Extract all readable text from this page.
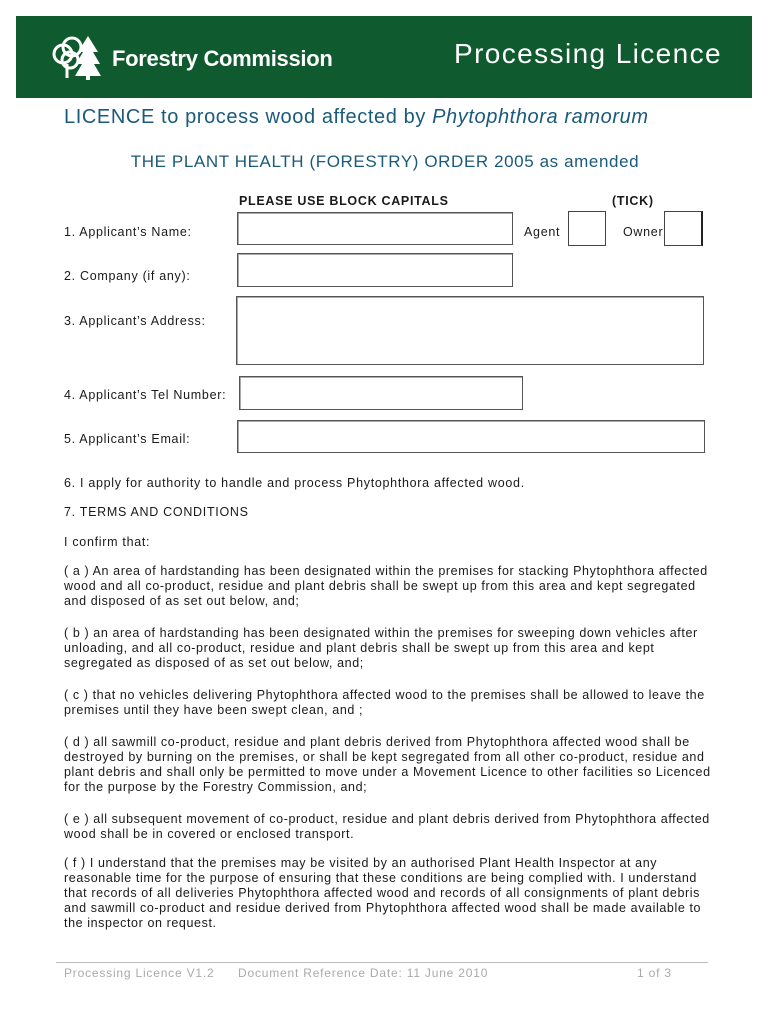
Forestry Commission	Processing Licence
LICENCE to process wood affected by Phytophthora ramorum
THE PLANT HEALTH (FORESTRY) ORDER 2005 as amended
PLEASE USE BLOCK CAPITALS	(TICK)
1. Applicant’s Name:	Agent	Owner
2. Company (if any):
3. Applicant’s Address:
4. Applicant’s Tel Number:
5. Applicant’s Email:
6. I apply for authority to handle and process Phytophthora affected wood.
7. TERMS AND CONDITIONS
I confirm that:
( a ) An area of hardstanding has been designated within the premises for stacking Phytophthora affected wood and all co-product, residue and plant debris shall be swept up from this area and kept segregated and disposed of as set out below, and;
( b ) an area of hardstanding has been designated within the premises for sweeping down vehicles after unloading, and all co-product, residue and plant debris shall be swept up from this area and kept segregated as disposed of as set out below, and;
( c ) that no vehicles delivering Phytophthora affected wood to the premises shall be allowed to leave the premises until they have been swept clean, and ;
( d ) all sawmill co-product, residue and plant debris derived from Phytophthora affected wood shall be destroyed by burning on the premises, or shall be kept segregated from all other co-product, residue and plant debris and shall only be permitted to move under a Movement Licence to other facilities so Licenced for the purpose by the Forestry Commission, and;
( e ) all subsequent movement of co-product, residue and plant debris derived from Phytophthora affected wood shall be in covered or enclosed transport.
( f ) I understand that the premises may be visited by an authorised Plant Health Inspector at any reasonable time for the purpose of ensuring that these conditions are being complied with. I understand that records of all deliveries Phytophthora affected wood and records of all consignments of plant debris and sawmill co-product and residue derived from Phytophthora affected wood shall be made available to the inspector on request.
Processing Licence V1.2 Document Reference Date: 11 June 2010	1 of 3
